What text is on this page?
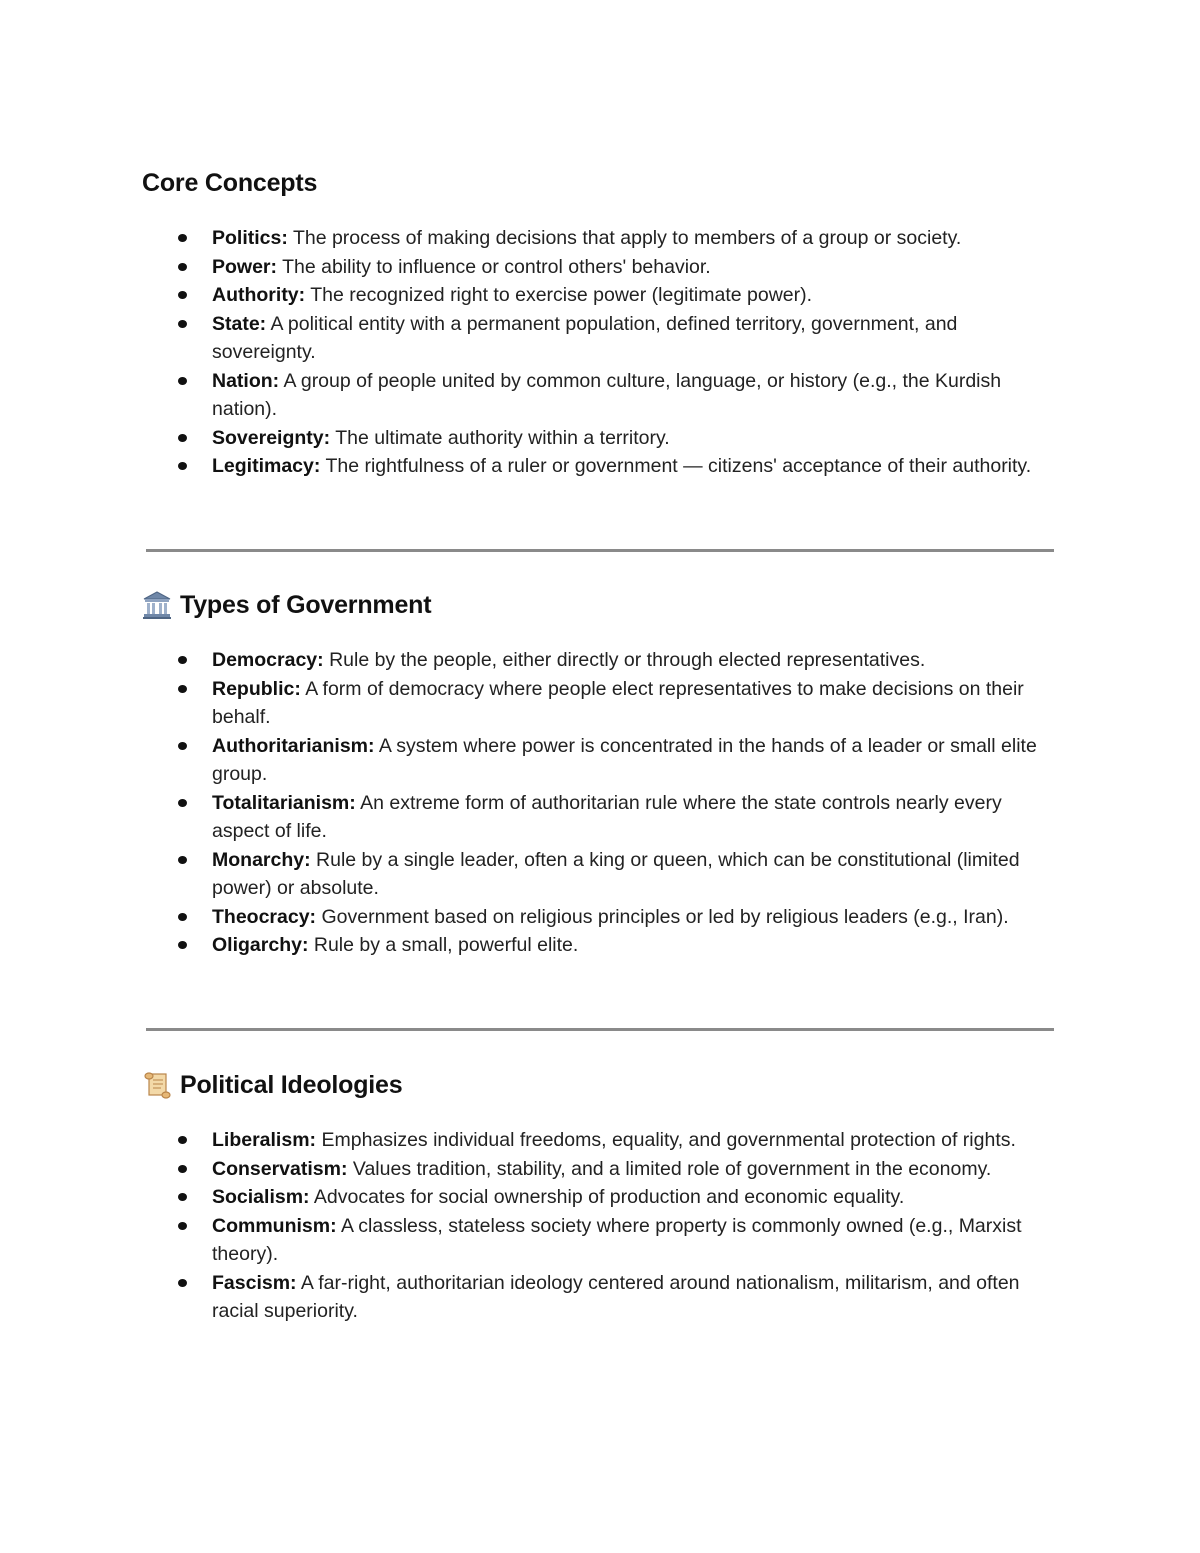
Core Concepts
Politics: The process of making decisions that apply to members of a group or society.
Power: The ability to influence or control others' behavior.
Authority: The recognized right to exercise power (legitimate power).
State: A political entity with a permanent population, defined territory, government, and sovereignty.
Nation: A group of people united by common culture, language, or history (e.g., the Kurdish nation).
Sovereignty: The ultimate authority within a territory.
Legitimacy: The rightfulness of a ruler or government — citizens' acceptance of their authority.
Types of Government
Democracy: Rule by the people, either directly or through elected representatives.
Republic: A form of democracy where people elect representatives to make decisions on their behalf.
Authoritarianism: A system where power is concentrated in the hands of a leader or small elite group.
Totalitarianism: An extreme form of authoritarian rule where the state controls nearly every aspect of life.
Monarchy: Rule by a single leader, often a king or queen, which can be constitutional (limited power) or absolute.
Theocracy: Government based on religious principles or led by religious leaders (e.g., Iran).
Oligarchy: Rule by a small, powerful elite.
Political Ideologies
Liberalism: Emphasizes individual freedoms, equality, and governmental protection of rights.
Conservatism: Values tradition, stability, and a limited role of government in the economy.
Socialism: Advocates for social ownership of production and economic equality.
Communism: A classless, stateless society where property is commonly owned (e.g., Marxist theory).
Fascism: A far-right, authoritarian ideology centered around nationalism, militarism, and often racial superiority.
